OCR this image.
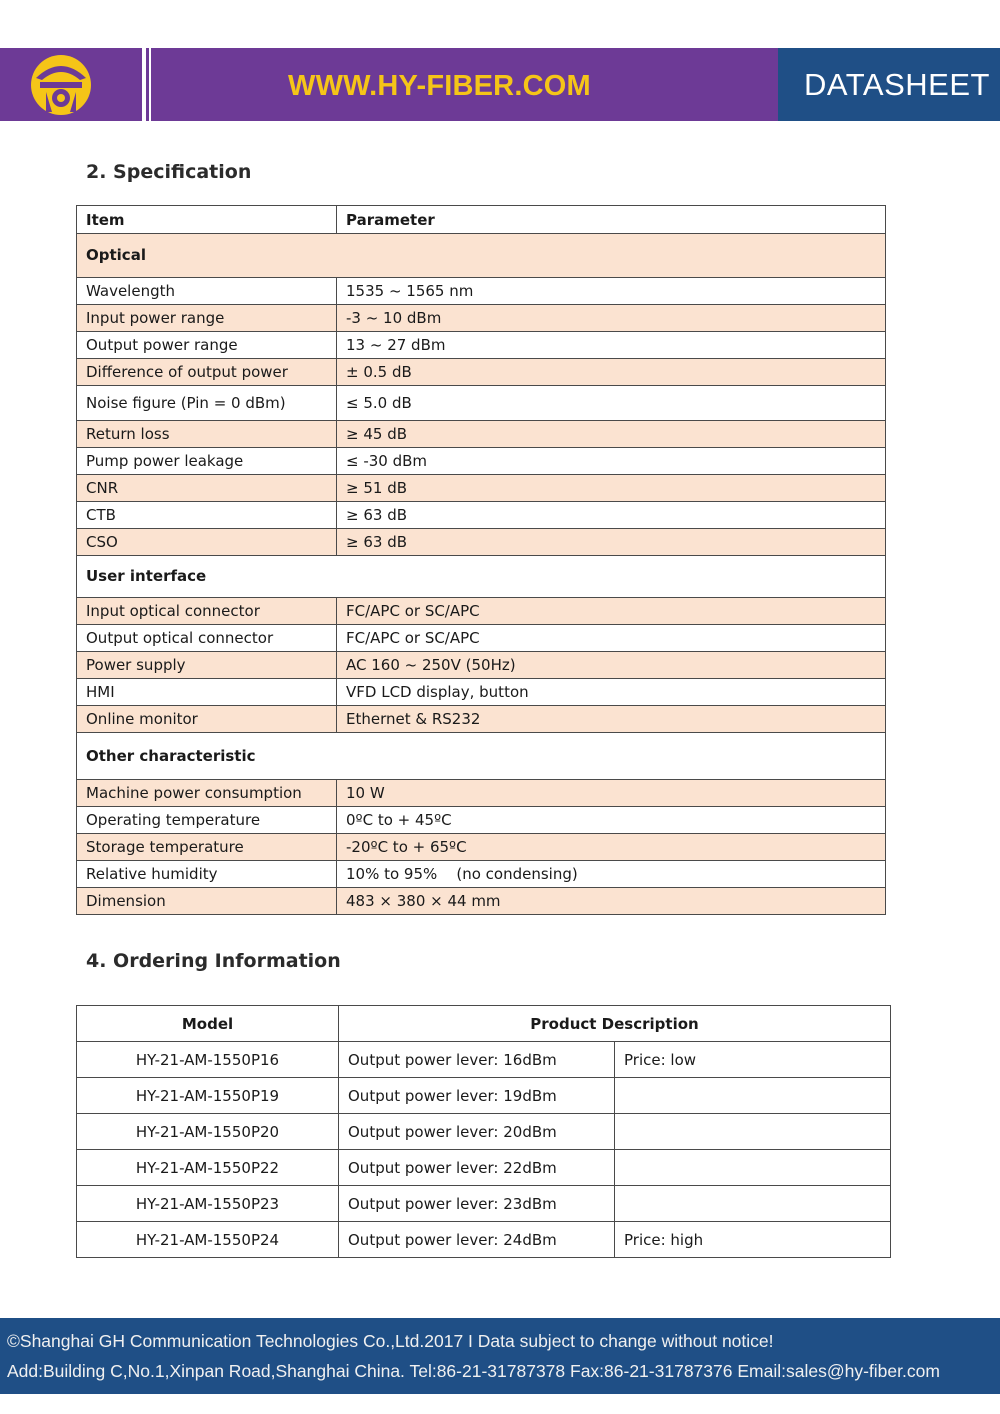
WWW.HY-FIBER.COM	DATASHEET
2. Specification
Item	Parameter
Optical	
Wavelength	1535 ~ 1565 nm
Input power range	-3 ~ 10 dBm
Output power range	13 ~ 27 dBm
Difference of output power	± 0.5 dB
Noise figure (Pin = 0 dBm)	≤ 5.0 dB
Return loss	≥ 45 dB
Pump power leakage	≤ -30 dBm
CNR	≥ 51 dB
CTB	≥ 63 dB
CSO	≥ 63 dB
User interface	
Input optical connector	FC/APC or SC/APC
Output optical connector	FC/APC or SC/APC
Power supply	AC 160 ~ 250V (50Hz)
HMI	VFD LCD display, button
Online monitor	Ethernet & RS232
Other characteristic	
Machine power consumption	10 W
Operating temperature	0ºC to + 45ºC
Storage temperature	-20ºC to + 65ºC
Relative humidity	10% to 95%    (no condensing)
Dimension	483 × 380 × 44 mm
4. Ordering Information
Model	Product Description	
HY-21-AM-1550P16	Output power lever: 16dBm	Price: low
HY-21-AM-1550P19	Output power lever: 19dBm	
HY-21-AM-1550P20	Output power lever: 20dBm	
HY-21-AM-1550P22	Output power lever: 22dBm	
HY-21-AM-1550P23	Output power lever: 23dBm	
HY-21-AM-1550P24	Output power lever: 24dBm	Price: high
©Shanghai GH Communication Technologies Co.,Ltd.2017 I Data subject to change without notice!
Add:Building C,No.1,Xinpan Road,Shanghai China. Tel:86-21-31787378 Fax:86-21-31787376 Email:sales@hy-fiber.com
